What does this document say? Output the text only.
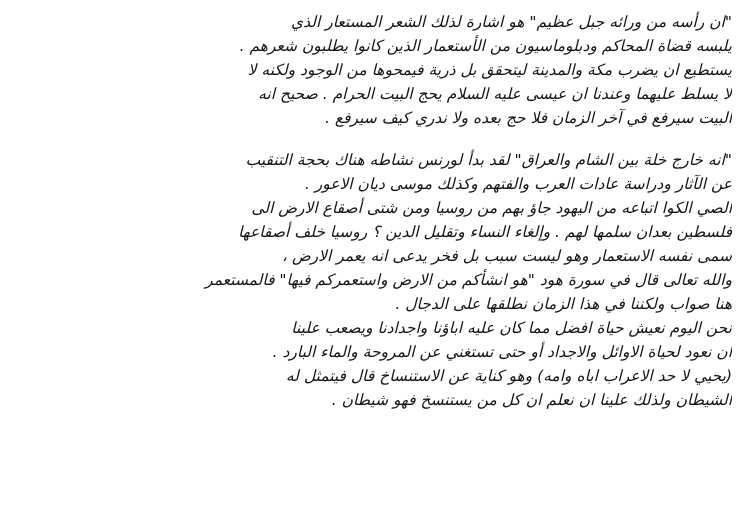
"ان رأسه من ورائه جبل عظيم" هو اشارة لذلك الشعر المستعار الذي
يلبسه قضاة المحاكم ودبلوماسيون من الأستعمار الذين كانوا يطلبون شعرهم .
يستطيع ان يضرب مكة والمدينة ليتحقق بل ذرية فيمحوها من الوجود ولكنه لا
لا يسلط عليهما وعندنا ان عيسى عليه السلام يحج البيت الحرام . صحيح انه
البيت سيرفع في آخر الزمان فلا حج بعده ولا ندري كيف سيرفع .
"انه خارج خلة بين الشام والعراق" لقد بدأ لورنس نشاطه هناك بحجة التنقيب
عن الآثار ودراسة عادات العرب والفتهم وكذلك موسى ديان الاعور .
الصي الكوا اتباعه من اليهود جاؤ بهم من روسيا ومن شتى أصقاع الارض الى
فلسطين بعدان سلمها لهم . وإلغاء النساء وتقليل الدين ؟ روسيا خلف أصقاعها
سمى نفسه الاستعمار وهو ليست سبب بل فخر يدعى انه يعمر الارض ،
والله تعالى قال في سورة هود "هو انشأكم من الارض واستعمركم فيها" فالمستعمر
هنا صواب ولكننا في هذا الزمان نطلقها على الدجال .
نحن اليوم نعيش حياة افضل مما كان عليه اباؤنا واجدادنا ويصعب علينا
ان نعود لحياة الاوائل والاجداد أو حتى تستغني عن المروحة والماء البارد .
(يحيي لا حد الاعراب اباه وامه) وهو كناية عن الاستنساخ قال فيتمثل له
الشيطان ولذلك علينا ان نعلم ان كل من يستنسخ فهو شيطان .
